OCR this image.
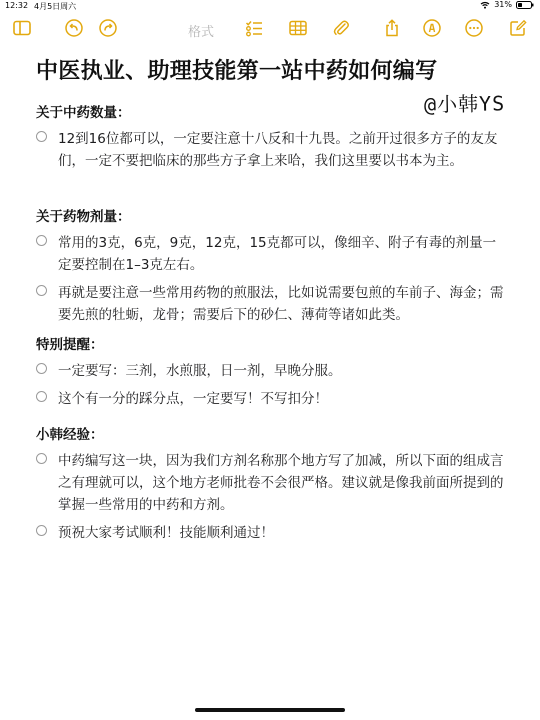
12:32 4月5日周六	31%
格式
中医执业、助理技能第一站中药如何编写

@小韩YS

关于中药数量：
12到16位都可以，一定要注意十八反和十九畏。之前开过很多方子的友友们，一定不要把临床的那些方子拿上来哈，我们这里要以书本为主。
关于药物剂量：
常用的3克，6克，9克，12克，15克都可以，像细辛、附子有毒的剂量一定要控制在1–3克左右。
再就是要注意一些常用药物的煎服法，比如说需要包煎的车前子、海金；需要先煎的牡蛎，龙骨；需要后下的砂仁、薄荷等诸如此类。
特别提醒：
一定要写：三剂，水煎服，日一剂，早晚分服。
这个有一分的踩分点，一定要写！不写扣分！
小韩经验：
中药编写这一块，因为我们方剂名称那个地方写了加减，所以下面的组成言之有理就可以，这个地方老师批卷不会很严格。建议就是像我前面所提到的掌握一些常用的中药和方剂。
预祝大家考试顺利！技能顺利通过！
